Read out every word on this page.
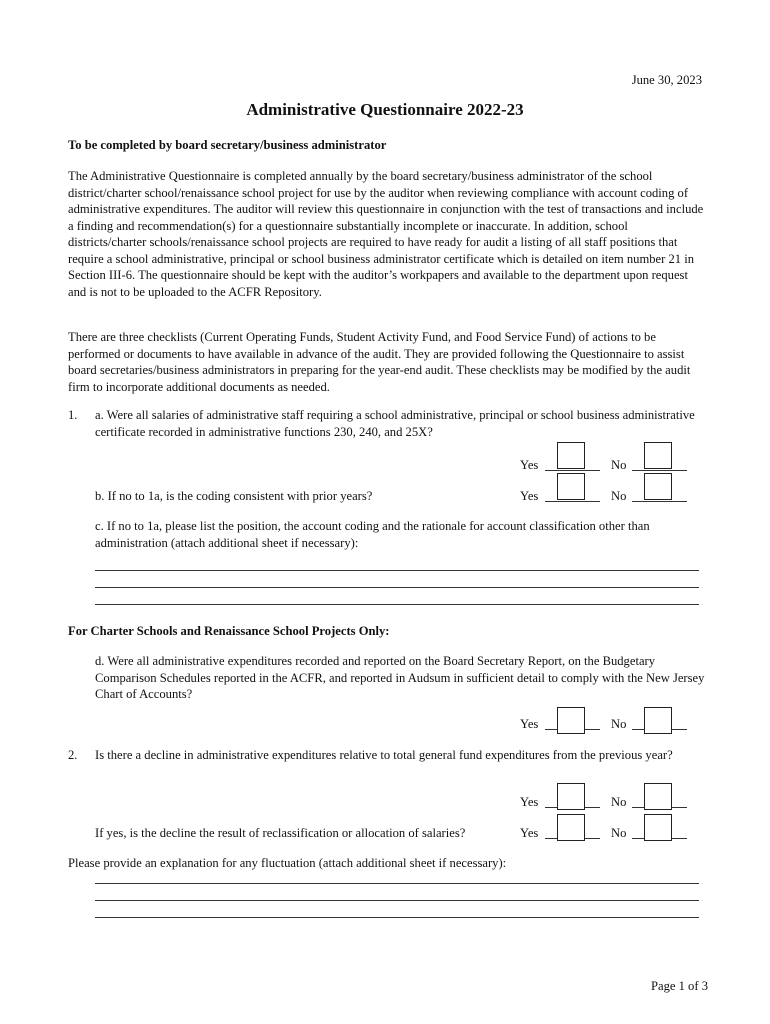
June 30, 2023
Administrative Questionnaire 2022-23
To be completed by board secretary/business administrator

The Administrative Questionnaire is completed annually by the board secretary/business administrator of the school district/charter school/renaissance school project for use by the auditor when reviewing compliance with account coding of administrative expenditures. The auditor will review this questionnaire in conjunction with the test of transactions and include a finding and recommendation(s) for a questionnaire substantially incomplete or inaccurate. In addition, school districts/charter schools/renaissance school projects are required to have ready for audit a listing of all staff positions that require a school administrative, principal or school business administrator certificate which is detailed on item number 21 in Section III-6. The questionnaire should be kept with the auditor’s workpapers and available to the department upon request and is not to be uploaded to the ACFR Repository.

There are three checklists (Current Operating Funds, Student Activity Fund, and Food Service Fund) of actions to be performed or documents to have available in advance of the audit. They are provided following the Questionnaire to assist board secretaries/business administrators in preparing for the year-end audit. These checklists may be modified by the audit firm to incorporate additional documents as needed.

1. a. Were all salaries of administrative staff requiring a school administrative, principal or school business administrative certificate recorded in administrative functions 230, 240, and 25X?
Yes	No
b. If no to 1a, is the coding consistent with prior years?	Yes	No
c. If no to 1a, please list the position, the account coding and the rationale for account classification other than administration (attach additional sheet if necessary):
For Charter Schools and Renaissance School Projects Only:
d. Were all administrative expenditures recorded and reported on the Board Secretary Report, on the Budgetary Comparison Schedules reported in the ACFR, and reported in Audsum in sufficient detail to comply with the New Jersey Chart of Accounts?
Yes	No
2. Is there a decline in administrative expenditures relative to total general fund expenditures from the previous year?
Yes	No
If yes, is the decline the result of reclassification or allocation of salaries?	Yes	No
Please provide an explanation for any fluctuation (attach additional sheet if necessary):
Page 1 of 3
